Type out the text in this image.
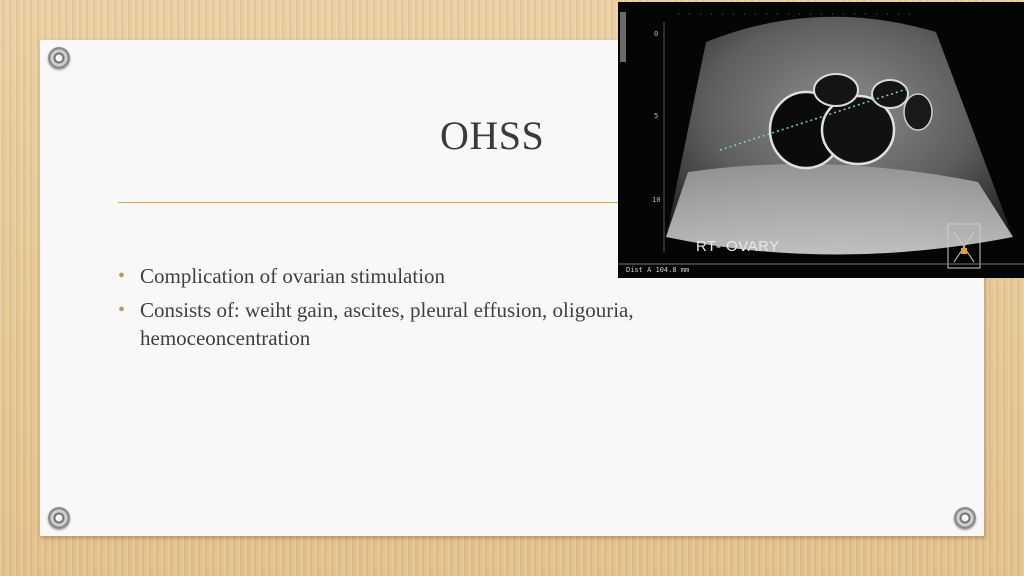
OHSS
• Complication of ovarian stimulation
• Consists of: weiht gain, ascites, pleural effusion, oligouria, hemoceoncentration
0
5
10
RT- OVARY
Dist A 104.8 mm
